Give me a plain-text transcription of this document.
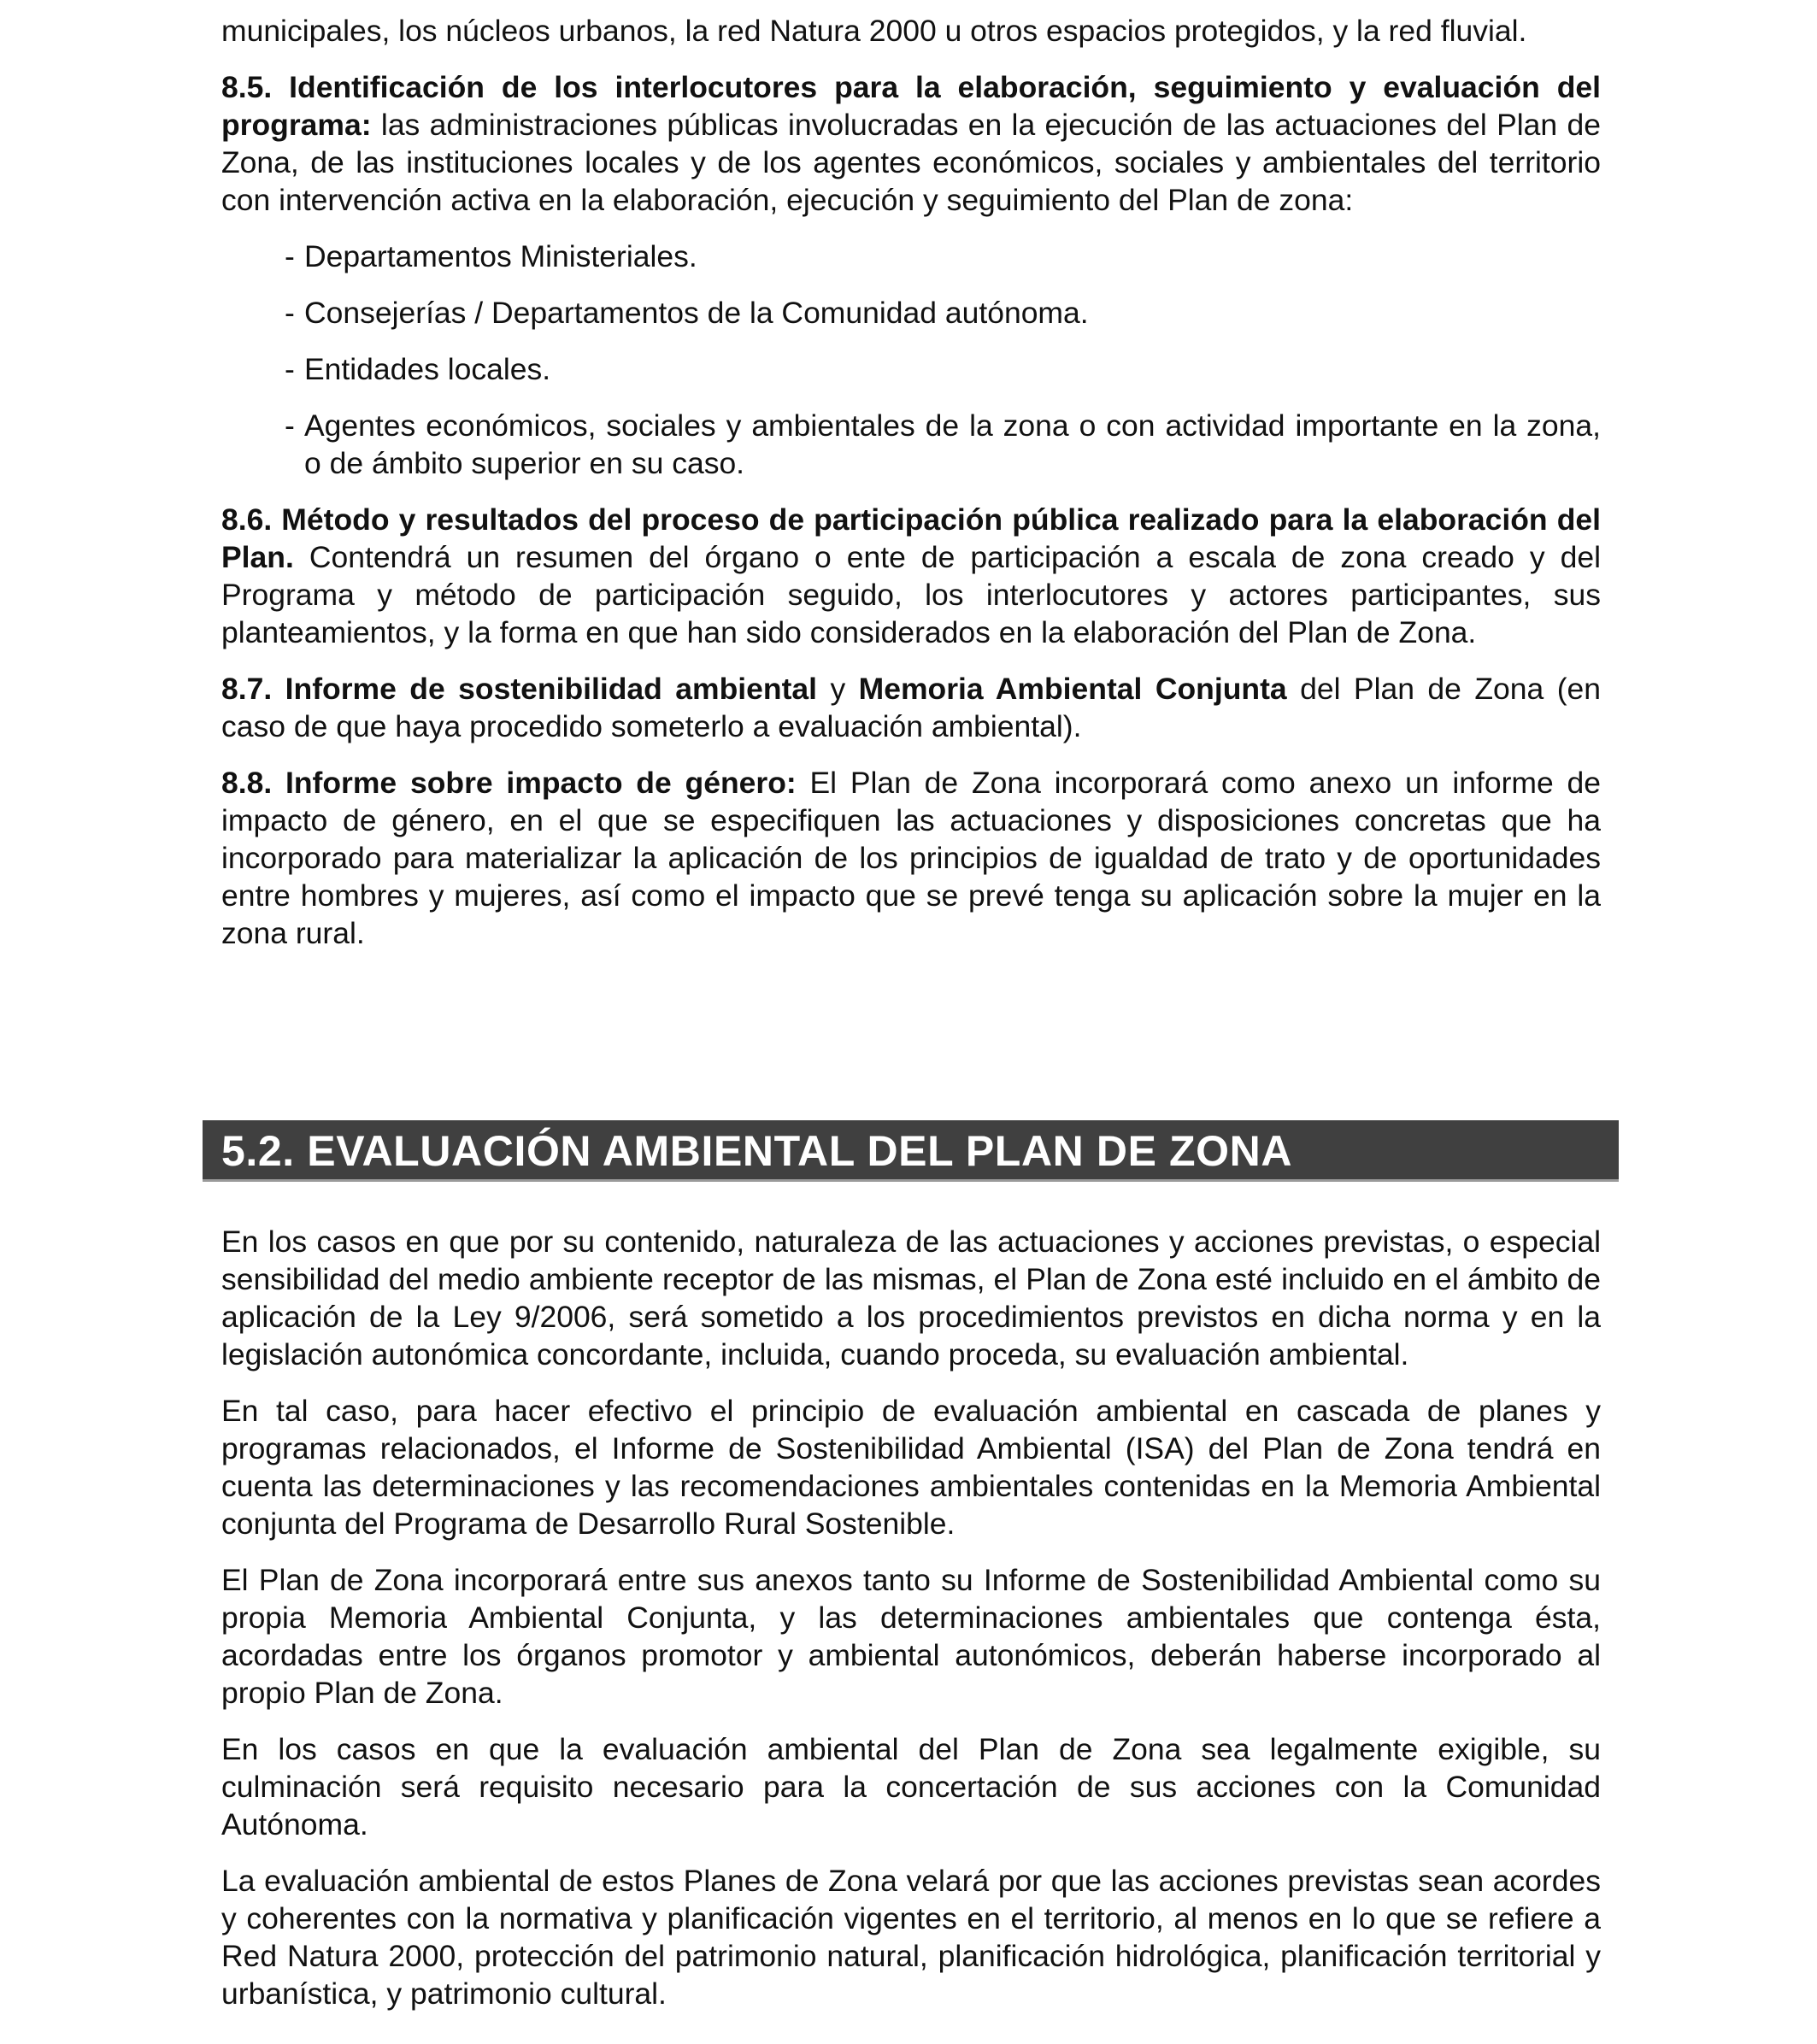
municipales, los núcleos urbanos, la red Natura 2000 u otros espacios protegidos, y la red fluvial.

8.5. Identificación de los interlocutores para la elaboración, seguimiento y evaluación del programa: las administraciones públicas involucradas en la ejecución de las actuaciones del Plan de Zona, de las instituciones locales y de los agentes económicos, sociales y ambientales del territorio con intervención activa en la elaboración, ejecución y seguimiento del Plan de zona:

- Departamentos Ministeriales.
- Consejerías / Departamentos de la Comunidad autónoma.
- Entidades locales.
- Agentes económicos, sociales y ambientales de la zona o con actividad importante en la zona, o de ámbito superior en su caso.

8.6. Método y resultados del proceso de participación pública realizado para la elaboración del Plan. Contendrá un resumen del órgano o ente de participación a escala de zona creado y del Programa y método de participación seguido, los interlocutores y actores participantes, sus planteamientos, y la forma en que han sido considerados en la elaboración del Plan de Zona.

8.7. Informe de sostenibilidad ambiental y Memoria Ambiental Conjunta del Plan de Zona (en caso de que haya procedido someterlo a evaluación ambiental).

8.8. Informe sobre impacto de género: El Plan de Zona incorporará como anexo un informe de impacto de género, en el que se especifiquen las actuaciones y disposiciones concretas que ha incorporado para materializar la aplicación de los principios de igualdad de trato y de oportunidades entre hombres y mujeres, así como el impacto que se prevé tenga su aplicación sobre la mujer en la zona rural.

5.2. EVALUACIÓN AMBIENTAL DEL PLAN DE ZONA

En los casos en que por su contenido, naturaleza de las actuaciones y acciones previstas, o especial sensibilidad del medio ambiente receptor de las mismas, el Plan de Zona esté incluido en el ámbito de aplicación de la Ley 9/2006, será sometido a los procedimientos previstos en dicha norma y en la legislación autonómica concordante, incluida, cuando proceda, su evaluación ambiental.

En tal caso, para hacer efectivo el principio de evaluación ambiental en cascada de planes y programas relacionados, el Informe de Sostenibilidad Ambiental (ISA) del Plan de Zona tendrá en cuenta las determinaciones y las recomendaciones ambientales contenidas en la Memoria Ambiental conjunta del Programa de Desarrollo Rural Sostenible.

El Plan de Zona incorporará entre sus anexos tanto su Informe de Sostenibilidad Ambiental como su propia Memoria Ambiental Conjunta, y las determinaciones ambientales que contenga ésta, acordadas entre los órganos promotor y ambiental autonómicos, deberán haberse incorporado al propio Plan de Zona.

En los casos en que la evaluación ambiental del Plan de Zona sea legalmente exigible, su culminación será requisito necesario para la concertación de sus acciones con la Comunidad Autónoma.

La evaluación ambiental de estos Planes de Zona velará por que las acciones previstas sean acordes y coherentes con la normativa y planificación vigentes en el territorio, al menos en lo que se refiere a Red Natura 2000, protección del patrimonio natural, planificación hidrológica, planificación territorial y urbanística, y patrimonio cultural.
